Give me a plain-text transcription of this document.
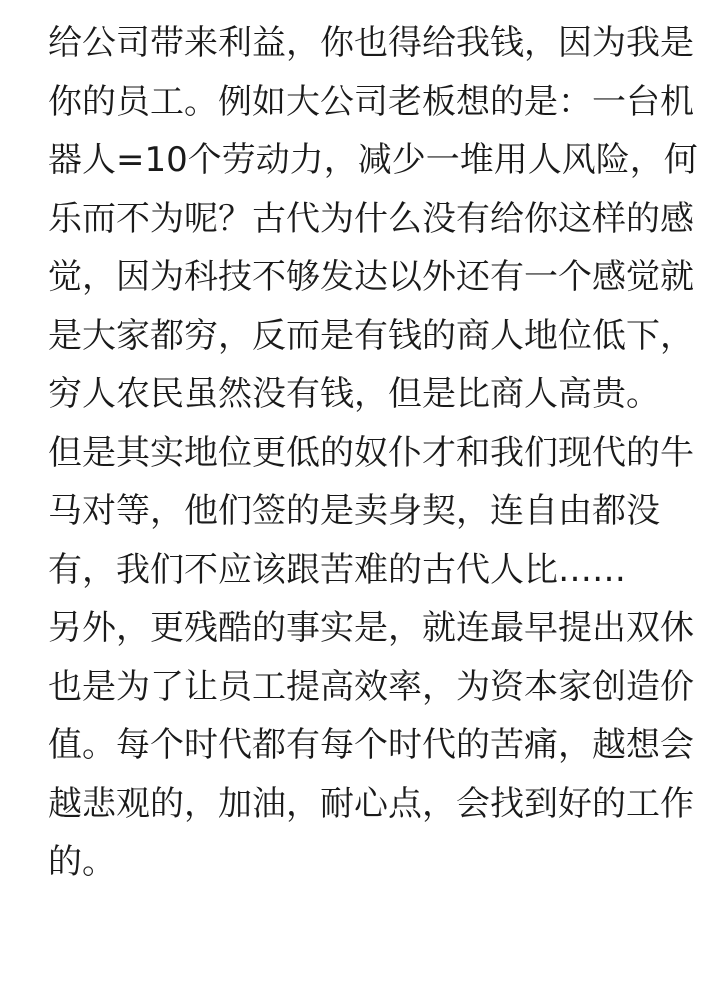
给公司带来利益，你也得给我钱，因为我是
你的员工。例如大公司老板想的是：一台机
器人=10个劳动力，减少一堆用人风险，何
乐而不为呢？古代为什么没有给你这样的感
觉，因为科技不够发达以外还有一个感觉就
是大家都穷，反而是有钱的商人地位低下，
穷人农民虽然没有钱，但是比商人高贵。
但是其实地位更低的奴仆才和我们现代的牛
马对等，他们签的是卖身契，连自由都没
有，我们不应该跟苦难的古代人比……
另外，更残酷的事实是，就连最早提出双休
也是为了让员工提高效率，为资本家创造价
值。每个时代都有每个时代的苦痛，越想会
越悲观的，加油，耐心点，会找到好的工作
的。
